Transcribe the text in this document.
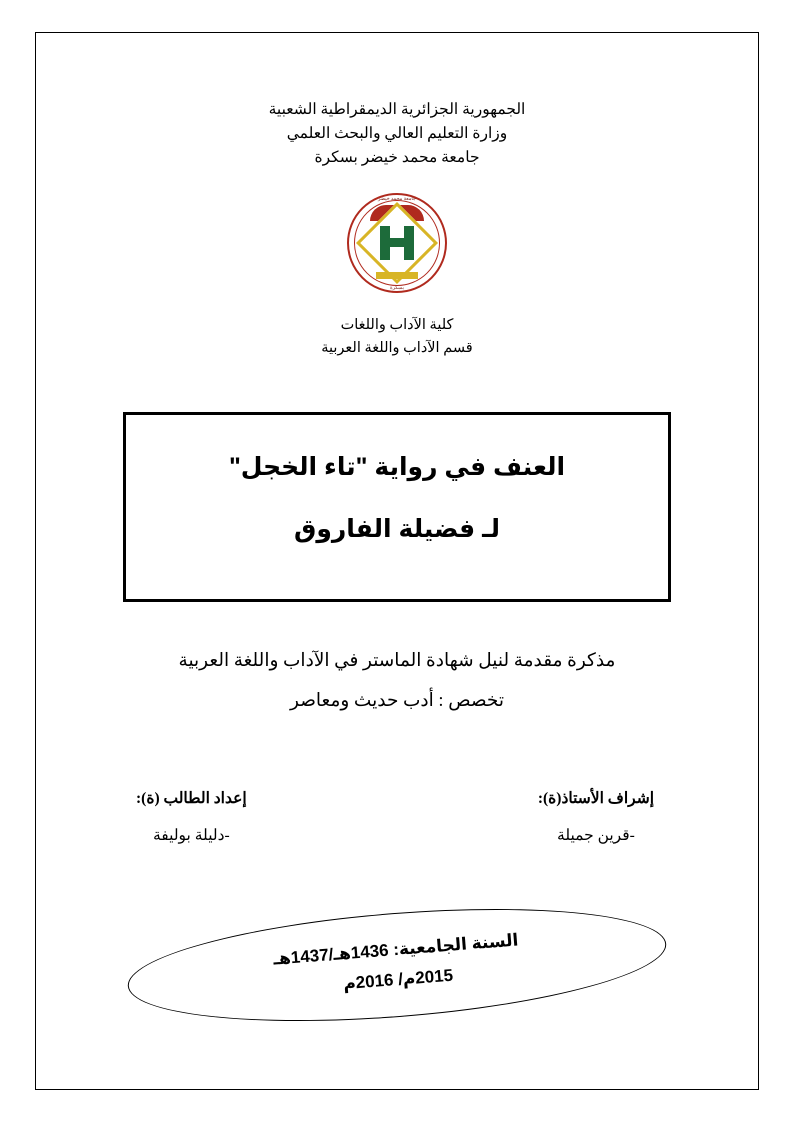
الجمهورية الجزائرية الديمقراطية الشعبية
وزارة التعليم العالي والبحث العلمي
جامعة محمد خيضر بسكرة
جامعة محمد خيضر
بسكرة
كلية الآداب واللغات
قسم الآداب واللغة العربية
العنف في رواية "تاء الخجل"
لـ فضيلة الفاروق
مذكرة مقدمة لنيل شهادة الماستر في الآداب واللغة العربية
تخصص : أدب حديث ومعاصر
إشراف الأستاذ(ة):
-قرين جميلة
إعداد الطالب (ة):
-دليلة بوليفة
السنة الجامعية: 1436هـ/1437هـ
2015م/ 2016م
